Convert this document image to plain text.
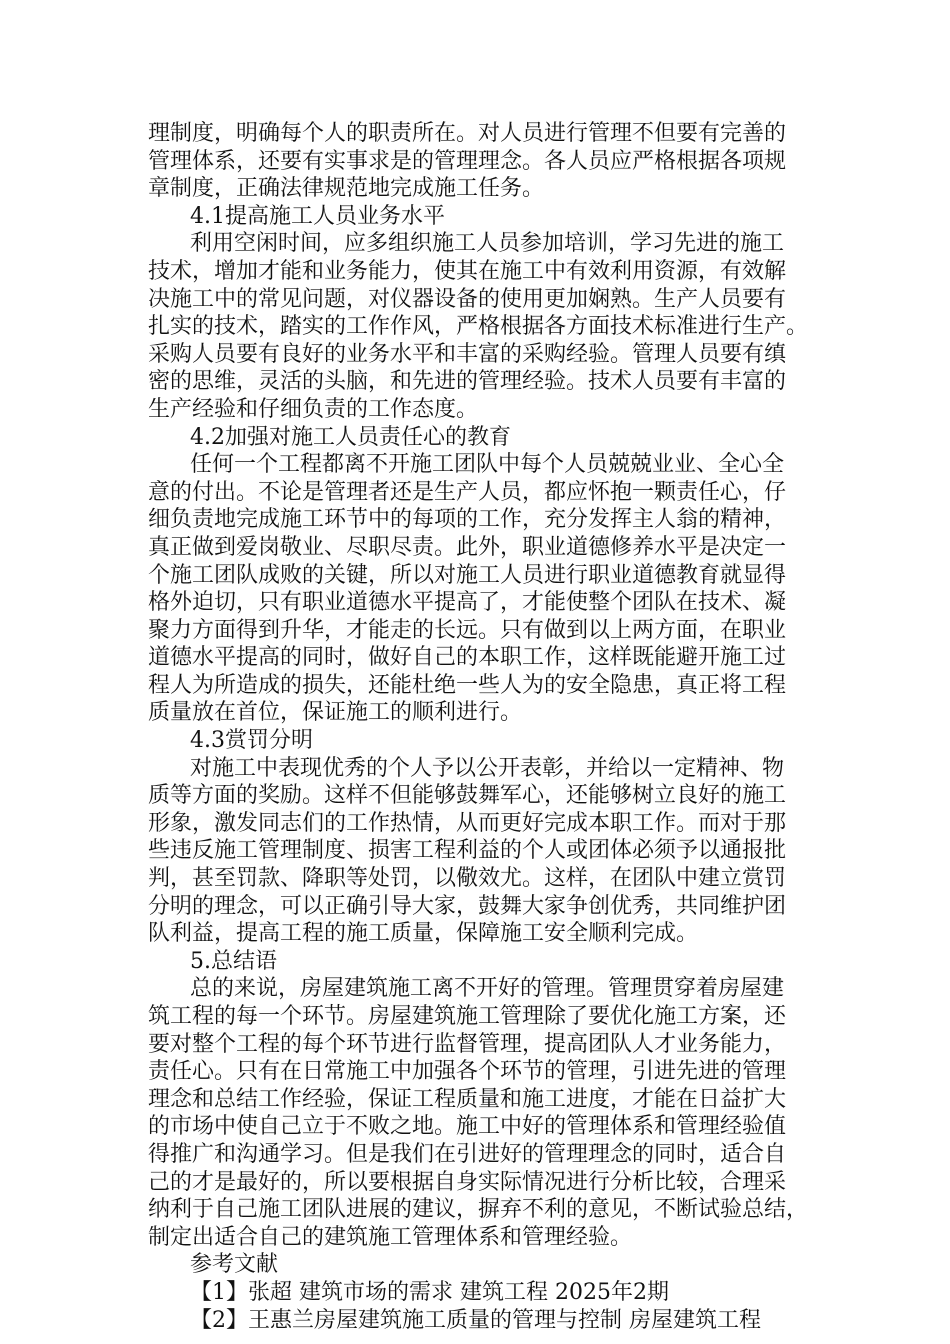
理制度，明确每个人的职责所在。对人员进行管理不但要有完善的
管理体系，还要有实事求是的管理理念。各人员应严格根据各项规
章制度，正确法律规范地完成施工任务。
4.1提高施工人员业务水平
利用空闲时间，应多组织施工人员参加培训，学习先进的施工
技术，增加才能和业务能力，使其在施工中有效利用资源，有效解
决施工中的常见问题，对仪器设备的使用更加娴熟。生产人员要有
扎实的技术，踏实的工作作风，严格根据各方面技术标准进行生产。
采购人员要有良好的业务水平和丰富的采购经验。管理人员要有缜
密的思维，灵活的头脑，和先进的管理经验。技术人员要有丰富的
生产经验和仔细负责的工作态度。
4.2加强对施工人员责任心的教育
任何一个工程都离不开施工团队中每个人员兢兢业业、全心全
意的付出。不论是管理者还是生产人员，都应怀抱一颗责任心，仔
细负责地完成施工环节中的每项的工作，充分发挥主人翁的精神，
真正做到爱岗敬业、尽职尽责。此外，职业道德修养水平是决定一
个施工团队成败的关键，所以对施工人员进行职业道德教育就显得
格外迫切，只有职业道德水平提高了，才能使整个团队在技术、凝
聚力方面得到升华，才能走的长远。只有做到以上两方面，在职业
道德水平提高的同时，做好自己的本职工作，这样既能避开施工过
程人为所造成的损失，还能杜绝一些人为的安全隐患，真正将工程
质量放在首位，保证施工的顺利进行。
4.3赏罚分明
对施工中表现优秀的个人予以公开表彰，并给以一定精神、物
质等方面的奖励。这样不但能够鼓舞军心，还能够树立良好的施工
形象，激发同志们的工作热情，从而更好完成本职工作。而对于那
些违反施工管理制度、损害工程利益的个人或团体必须予以通报批
判，甚至罚款、降职等处罚，以儆效尤。这样，在团队中建立赏罚
分明的理念，可以正确引导大家，鼓舞大家争创优秀，共同维护团
队利益，提高工程的施工质量，保障施工安全顺利完成。
5.总结语
总的来说，房屋建筑施工离不开好的管理。管理贯穿着房屋建
筑工程的每一个环节。房屋建筑施工管理除了要优化施工方案，还
要对整个工程的每个环节进行监督管理，提高团队人才业务能力，
责任心。只有在日常施工中加强各个环节的管理，引进先进的管理
理念和总结工作经验，保证工程质量和施工进度，才能在日益扩大
的市场中使自己立于不败之地。施工中好的管理体系和管理经验值
得推广和沟通学习。但是我们在引进好的管理理念的同时，适合自
己的才是最好的，所以要根据自身实际情况进行分析比较，合理采
纳利于自己施工团队进展的建议，摒弃不利的意见，不断试验总结，
制定出适合自己的建筑施工管理体系和管理经验。
参考文献
【1】张超 建筑市场的需求 建筑工程 2025年2期
【2】王惠兰房屋建筑施工质量的管理与控制 房屋建筑工程
